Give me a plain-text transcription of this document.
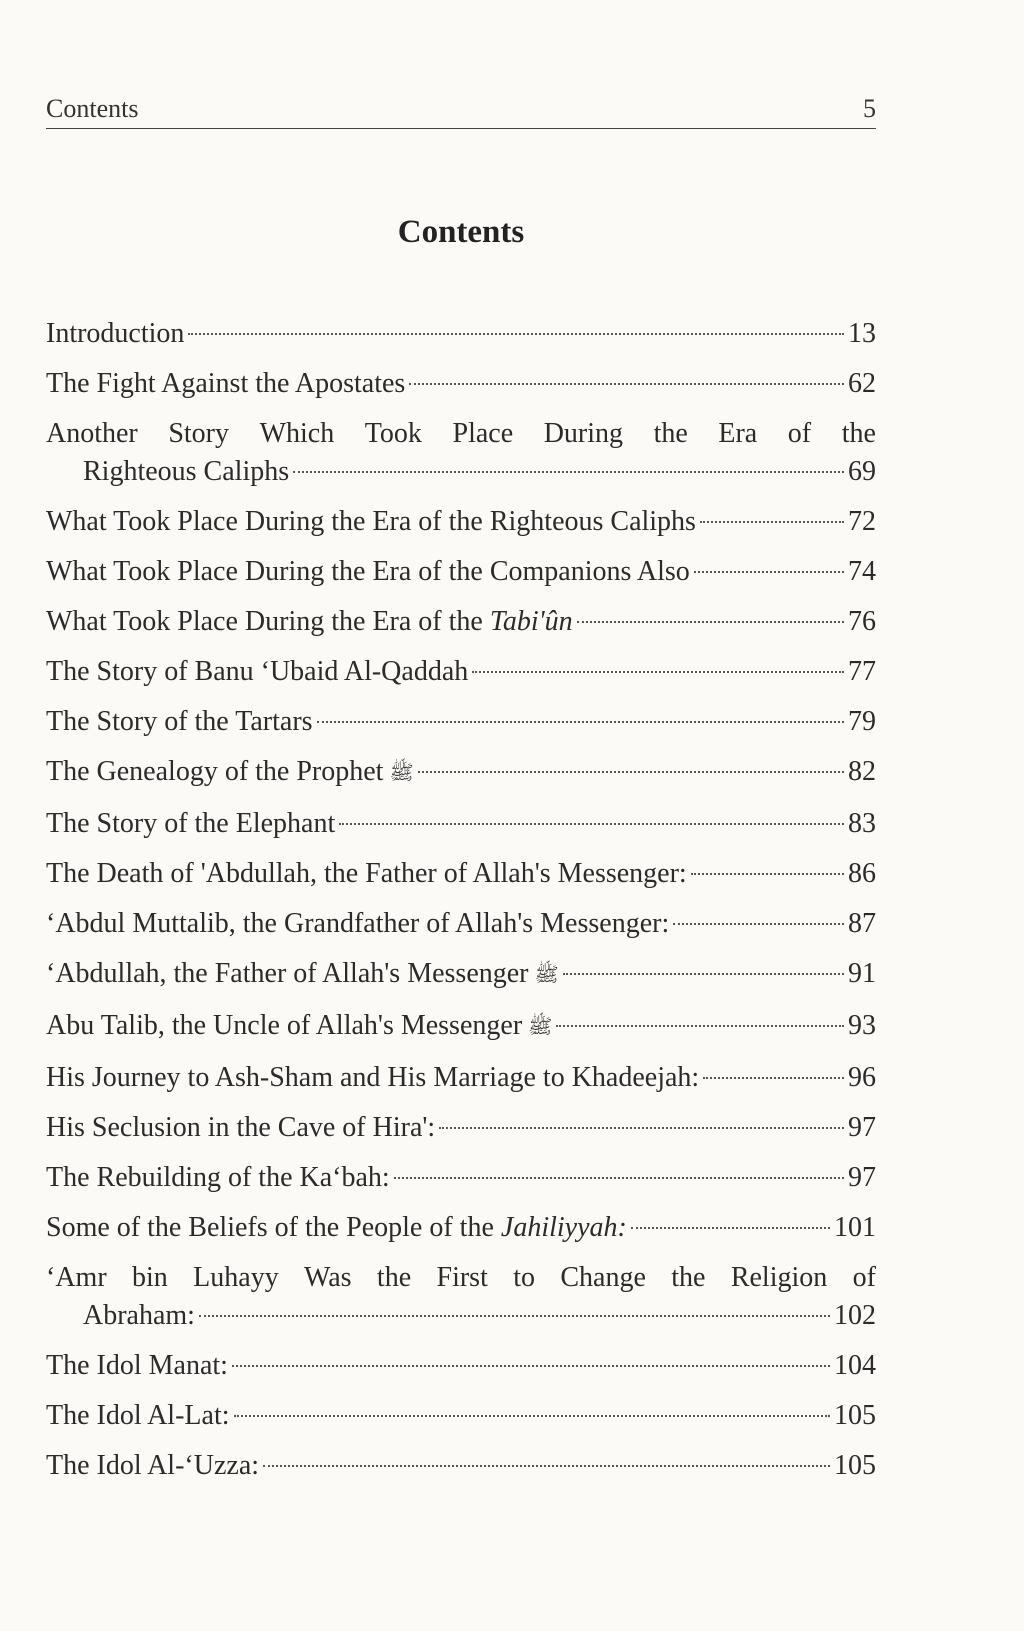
Contents	5
Contents
Introduction	13
The Fight Against the Apostates	62
Another Story Which Took Place During the Era of the
Righteous Caliphs	69
What Took Place During the Era of the Righteous Caliphs	72
What Took Place During the Era of the Companions Also	74
What Took Place During the Era of the Tabi'ûn	76
The Story of Banu ‘Ubaid Al-Qaddah	77
The Story of the Tartars	79
The Genealogy of the Prophet ﷺ	82
The Story of the Elephant	83
The Death of 'Abdullah, the Father of Allah's Messenger:	86
‘Abdul Muttalib, the Grandfather of Allah's Messenger:	87
‘Abdullah, the Father of Allah's Messenger ﷺ	91
Abu Talib, the Uncle of Allah's Messenger ﷺ	93
His Journey to Ash-Sham and His Marriage to Khadeejah:	96
His Seclusion in the Cave of Hira':	97
The Rebuilding of the Ka‘bah:	97
Some of the Beliefs of the People of the Jahiliyyah:	101
‘Amr bin Luhayy Was the First to Change the Religion of
Abraham:	102
The Idol Manat:	104
The Idol Al-Lat:	105
The Idol Al-‘Uzza:	105
